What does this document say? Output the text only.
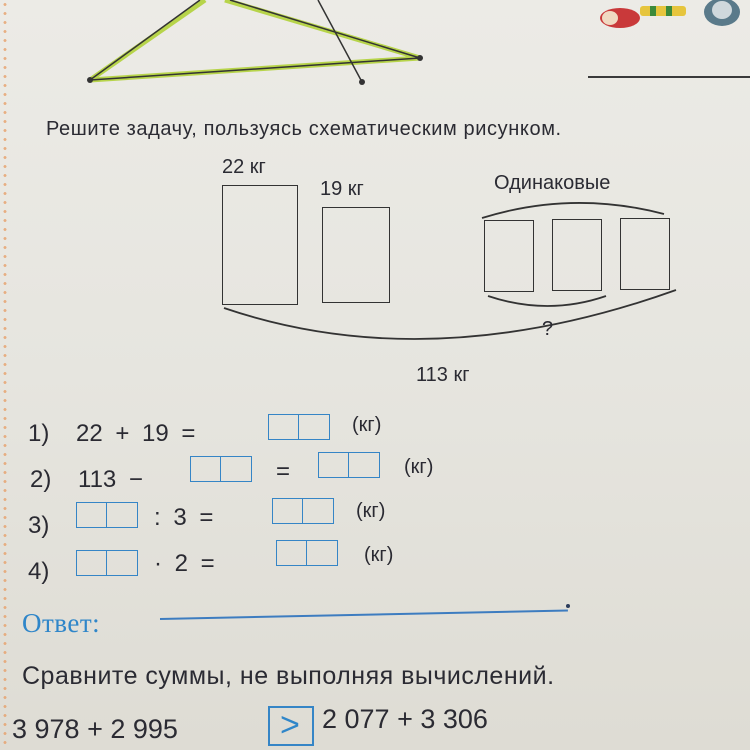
Решите задачу, пользуясь схематическим рисунком.
22 кг
19 кг	Одинаковые
?
113 кг
1) 22 + 19 =	(кг)
2) 113 −	=	(кг)
3)	: 3 =	(кг)
4)	· 2 =	(кг)
Ответ:
Сравните суммы, не выполняя вычислений.
3 978 + 2 995	> 2 077 + 3 306
